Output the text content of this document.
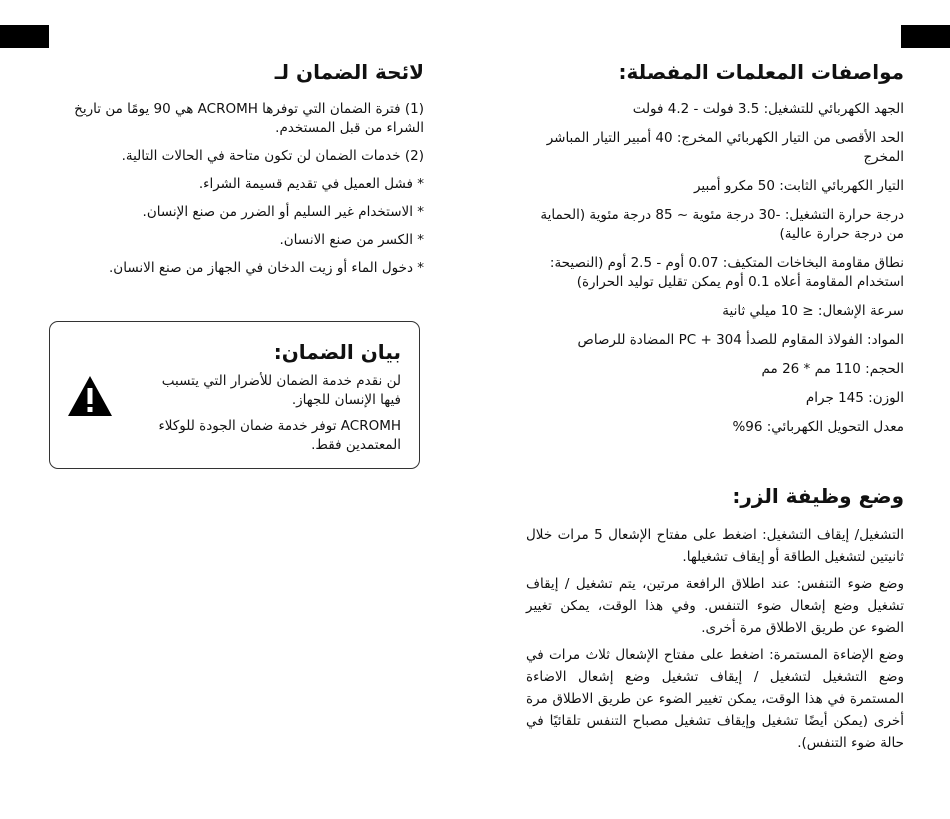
لائحة الضمان لـ

(1) فترة الضمان التي توفرها ACROMH هي 90 يومًا من تاريخ الشراء من قبل المستخدم.

(2) خدمات الضمان لن تكون متاحة في الحالات التالية.

* فشل العميل في تقديم قسيمة الشراء.

* الاستخدام غير السليم أو الضرر من صنع الإنسان.

* الكسر من صنع الانسان.

* دخول الماء أو زيت الدخان في الجهاز من صنع الانسان.

بيان الضمان:

لن نقدم خدمة الضمان للأضرار التي يتسبب فيها الإنسان للجهاز.

ACROMH توفر خدمة ضمان الجودة للوكلاء المعتمدين فقط.

مواصفات المعلمات المفصلة:

الجهد الكهربائي للتشغيل: 3.5 فولت - 4.2 فولت

الحد الأقصى من التيار الكهربائي المخرج: 40 أمبير التيار المباشر المخرج

التيار الكهربائي الثابت: 50 مكرو أمبير

درجة حرارة التشغيل: -30 درجة مئوية ~ 85 درجة مئوية (الحماية من درجة حرارة عالية)

نطاق مقاومة البخاخات المتكيف: 0.07 أوم - 2.5 أوم (النصيحة: استخدام المقاومة أعلاه 0.1 أوم يمكن تقليل توليد الحرارة)

سرعة الإشعال: ≤ 10 ميلي ثانية

المواد: الفولاذ المقاوم للصدأ 304 + PC المضادة للرصاص

الحجم: 110 مم * 26 مم

الوزن: 145 جرام

معدل التحويل الكهربائي: 96%

وضع وظيفة الزر:

التشغيل/ إيقاف التشغيل: اضغط على مفتاح الإشعال 5 مرات خلال ثانيتين لتشغيل الطاقة أو إيقاف تشغيلها.

وضع ضوء التنفس: عند اطلاق الرافعة مرتين، يتم تشغيل / إيقاف تشغيل وضع إشعال ضوء التنفس. وفي هذا الوقت، يمكن تغيير الضوء عن طريق الاطلاق مرة أخرى.

وضع الإضاءة المستمرة: اضغط على مفتاح الإشعال ثلاث مرات في وضع التشغيل لتشغيل / إيقاف تشغيل وضع إشعال الاضاءة المستمرة في هذا الوقت، يمكن تغيير الضوء عن طريق الاطلاق مرة أخرى (يمكن أيضًا تشغيل وإيقاف تشغيل مصباح التنفس تلقائيًا في حالة ضوء التنفس).
